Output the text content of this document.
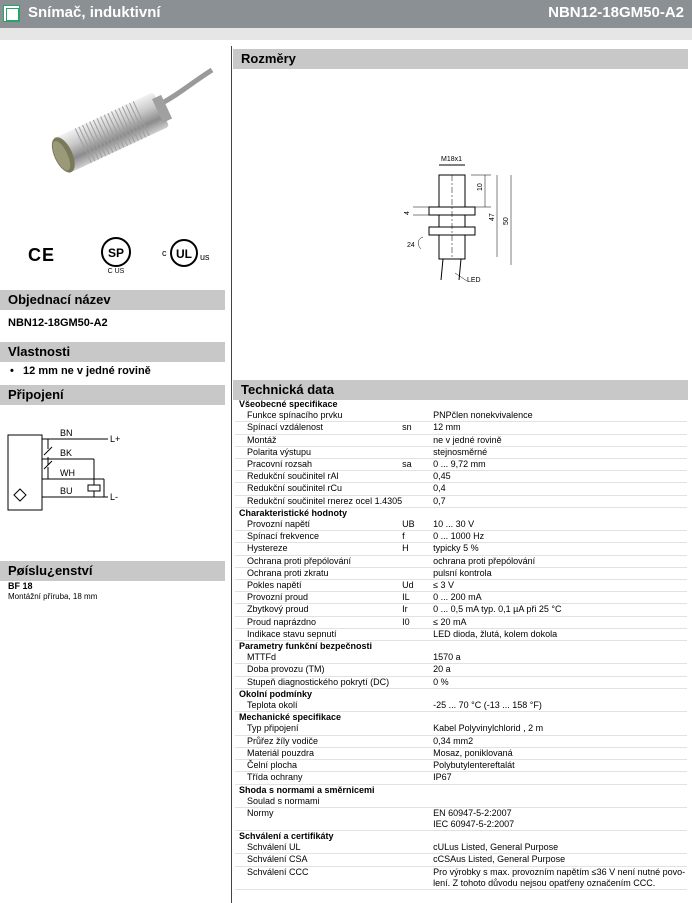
Snímač, induktivní	NBN12-18GM50-A2
CE	SP
C US
c UL us
Objednací název
NBN12-18GM50-A2
Vlastnosti
•   12 mm ne v jedné rovině
Připojení
BN
BK
WH
BU
L+
L-
Pøíslu¿enství
BF 18
Montážní příruba, 18 mm
Rozměry
M18x1
10
47
50
4
24
LED
Technická data
Všeobecné specifikace		
Funkce spínacího prvku		PNPčlen nonekvivalence
Spínací vzdálenost	sn	12 mm
Montáž		ne v jedné rovině
Polarita výstupu		stejnosměrné
Pracovní rozsah	sa	0 ... 9,72 mm
Redukční součinitel rAl		0,45
Redukční součinitel rCu		0,4
Redukční součinitel rnerez ocel 1.4305		0,7
Charakteristické hodnoty		
Provozní napětí	UB	10 ... 30 V
Spínací frekvence	f	0 ... 1000 Hz
Hystereze	H	typicky 5 %
Ochrana proti přepólování		ochrana proti přepólování
Ochrana proti zkratu		pulsní kontrola
Pokles napětí	Ud	≤ 3 V
Provozní proud	IL	0 ... 200 mA
Zbytkový proud	Ir	0 ... 0,5 mA typ. 0,1 µA při 25 °C
Proud naprázdno	I0	≤ 20 mA
Indikace stavu sepnutí		LED dioda, žlutá, kolem dokola
Parametry funkční bezpečnosti		
MTTFd		1570 a
Doba provozu (TM)		20 a
Stupeň diagnostického pokrytí (DC)		0 %
Okolní podmínky		
Teplota okolí		-25 ... 70 °C (-13 ... 158 °F)
Mechanické specifikace		
Typ připojení		Kabel Polyvinylchlorid , 2 m
Průřez žíly vodiče		0,34 mm2
Materiál pouzdra		Mosaz, poniklovaná
Čelní plocha		Polybutylentereftalát
Třída ochrany		IP67
Shoda s normami a směrnicemi		
Soulad s normami		
Normy		EN 60947-5-2:2007
IEC 60947-5-2:2007

Schválení a certifikáty		
Schválení UL		cULus Listed, General Purpose
Schválení CSA		cCSAus Listed, General Purpose
Schválení CCC		Pro výrobky s max. provozním napětím ≤36 V není nutné povo-
lení. Z tohoto důvodu nejsou opatřeny označením CCC.
